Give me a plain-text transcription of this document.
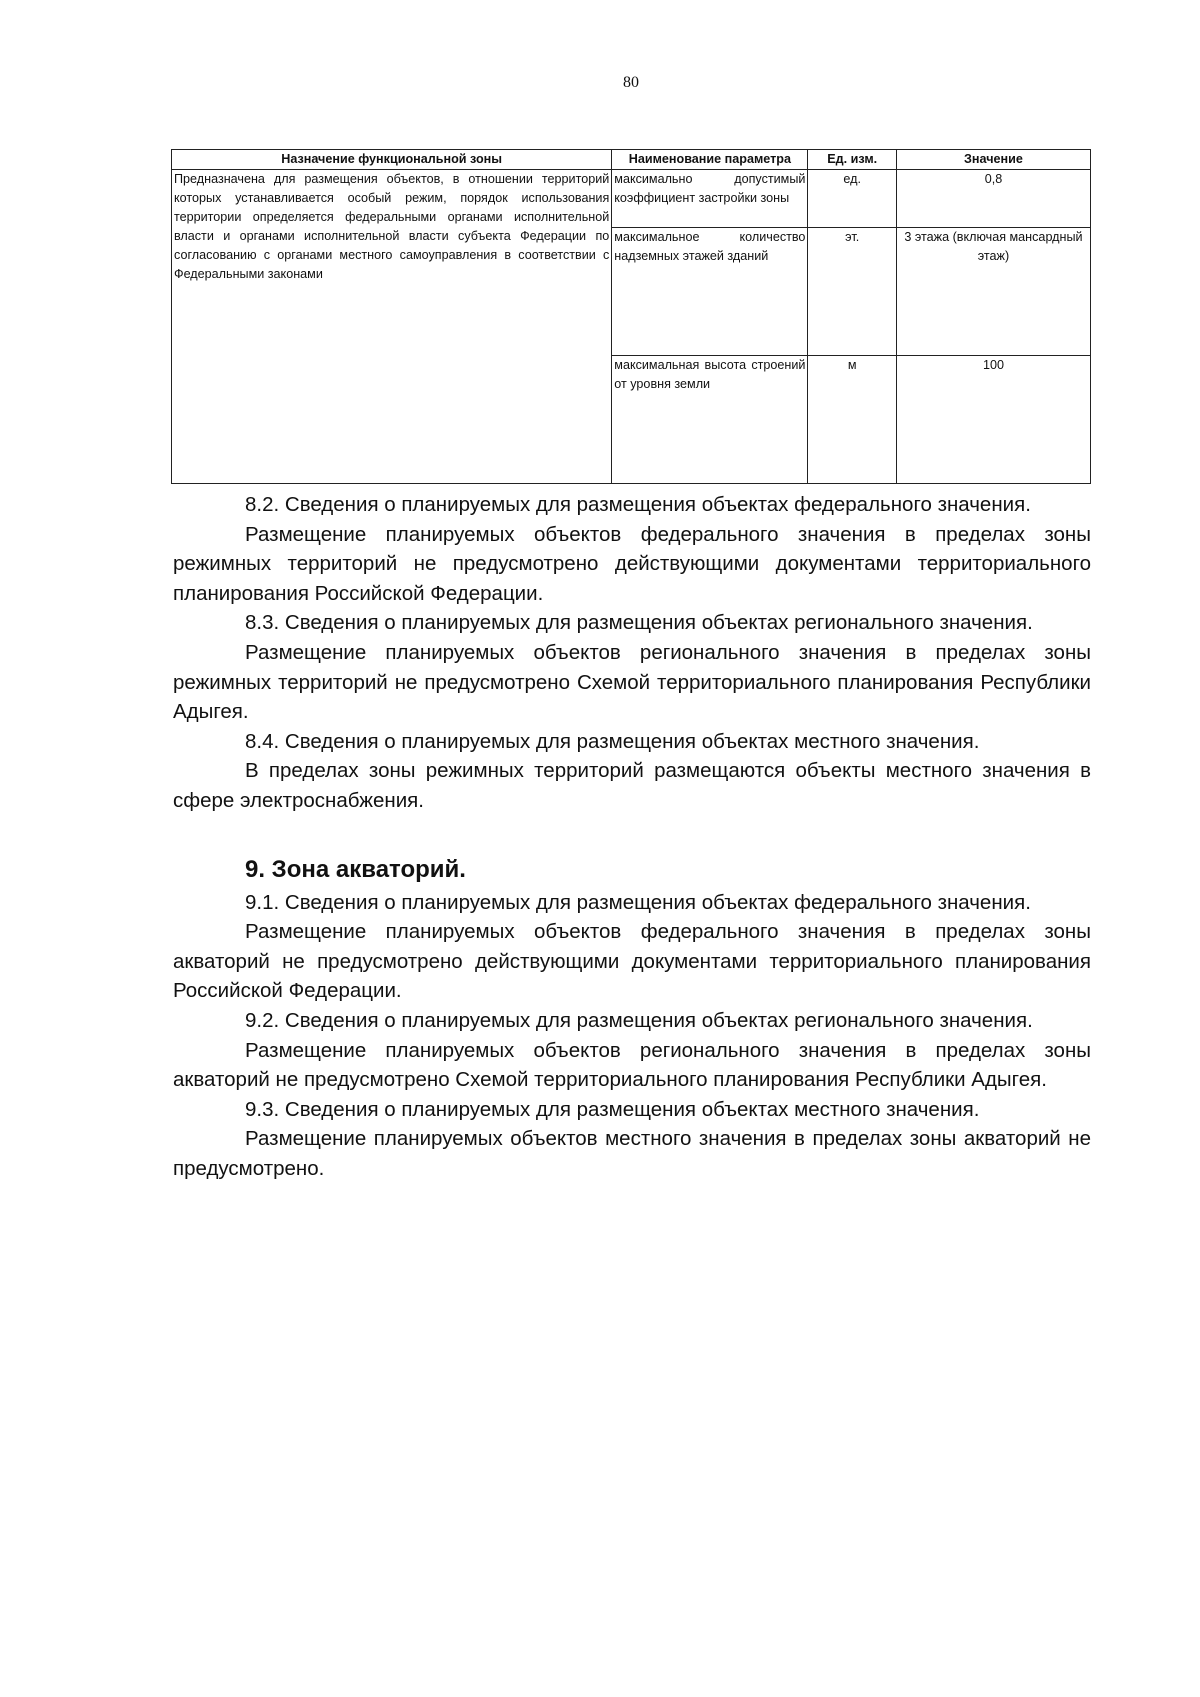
80
Назначение функциональной зоны	Наименование параметра	Ед. изм.	Значение
Предназначена для размещения объектов, в отношении территорий которых устанавливается особый режим, порядок использования территории определяется федеральными органами исполнительной власти и органами исполнительной власти субъекта Федерации по согласованию с органами местного самоуправления в соответствии с Федеральными законами	максимально допустимый коэффициент застройки зоны	ед.	0,8
	максимальное количество надземных этажей зданий	эт.	3 этажа (включая мансардный этаж)
	максимальная высота строений от уровня земли	м	100

8.2. Сведения о планируемых для размещения объектах федерального значения.

Размещение планируемых объектов федерального значения в пределах зоны режимных территорий не предусмотрено действующими документами территориального планирования Российской Федерации.

8.3. Сведения о планируемых для размещения объектах регионального значения.

Размещение планируемых объектов регионального значения в пределах зоны режимных территорий не предусмотрено Схемой территориального планирования Республики Адыгея.

8.4. Сведения о планируемых для размещения объектах местного значения.

В пределах зоны режимных территорий размещаются объекты местного значения в сфере электроснабжения.

9. Зона акваторий.

9.1. Сведения о планируемых для размещения объектах федерального значения.

Размещение планируемых объектов федерального значения в пределах зоны акваторий не предусмотрено действующими документами территориального планирования Российской Федерации.

9.2. Сведения о планируемых для размещения объектах регионального значения.

Размещение планируемых объектов регионального значения в пределах зоны акваторий не предусмотрено Схемой территориального планирования Республики Адыгея.

9.3. Сведения о планируемых для размещения объектах местного значения.

Размещение планируемых объектов местного значения в пределах зоны акваторий не предусмотрено.
